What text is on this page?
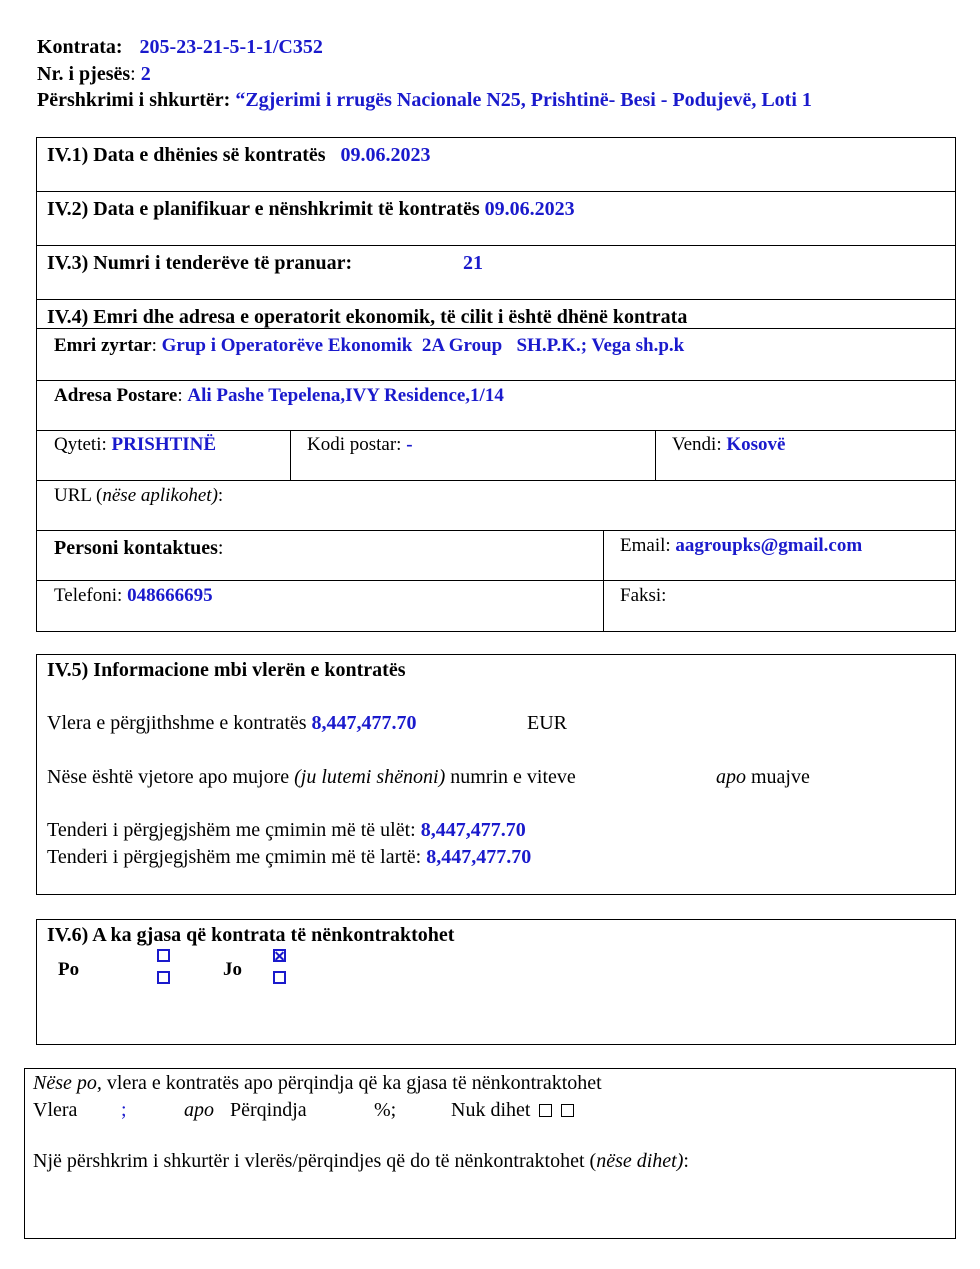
Kontrata: 205-23-21-5-1-1/C352
Nr. i pjesës: 2
Përshkrimi i shkurtër: “Zgjerimi i rrugës Nacionale N25, Prishtinë- Besi - Podujevë, Loti 1
IV.1) Data e dhënies së kontratës 09.06.2023
IV.2) Data e planifikuar e nënshkrimit të kontratës 09.06.2023
IV.3) Numri i tenderëve të pranuar:	21
IV.4) Emri dhe adresa e operatorit ekonomik, të cilit i është dhënë kontrata
Emri zyrtar: Grup i Operatorëve Ekonomik  2A Group   SH.P.K.; Vega sh.p.k
Adresa Postare: Ali Pashe Tepelena,IVY Residence,1/14
Qyteti: PRISHTINË	Kodi postar: -	Vendi: Kosovë
URL (nëse aplikohet):
Personi kontaktues:	Email: aagroupks@gmail.com
Telefoni: 048666695	Faksi:
IV.5) Informacione mbi vlerën e kontratës
Vlera e përgjithshme e kontratës 8,447,477.70	EUR
Nëse është vjetore apo mujore (ju lutemi shënoni) numrin e viteve	apo muajve
Tenderi i përgjegjshëm me çmimin më të ulët: 8,447,477.70
Tenderi i përgjegjshëm me çmimin më të lartë: 8,447,477.70
IV.6) A ka gjasa që kontrata të nënkontraktohet
Po	Jo
Nëse po, vlera e kontratës apo përqindja që ka gjasa të nënkontraktohet
Vlera ;	apo Përqindja	%;	Nuk dihet
Një përshkrim i shkurtër i vlerës/përqindjes që do të nënkontraktohet (nëse dihet):
